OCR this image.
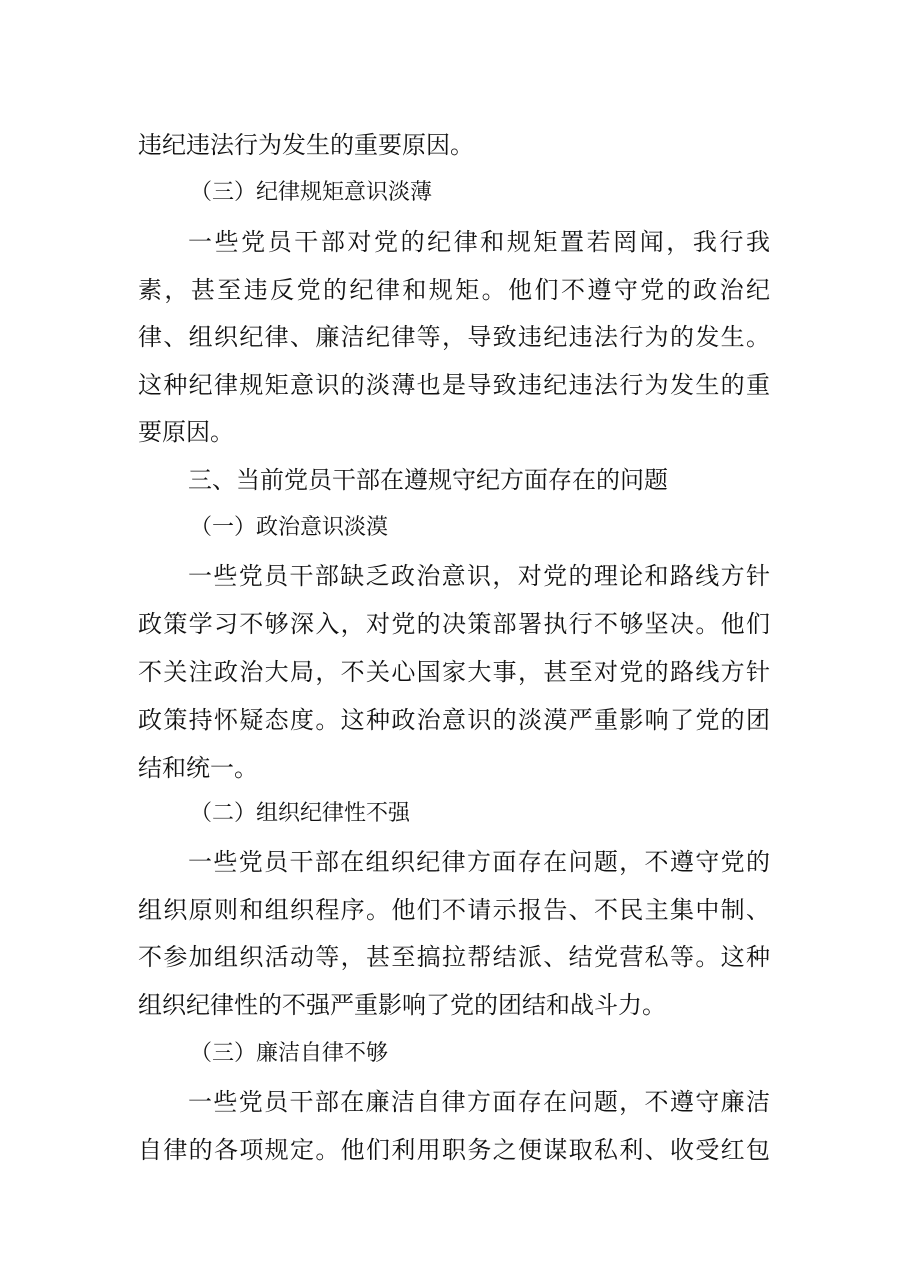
违纪违法行为发生的重要原因。
（三）纪律规矩意识淡薄
一些党员干部对党的纪律和规矩置若罔闻，我行我
素，甚至违反党的纪律和规矩。他们不遵守党的政治纪
律、组织纪律、廉洁纪律等，导致违纪违法行为的发生。
这种纪律规矩意识的淡薄也是导致违纪违法行为发生的重
要原因。
三、当前党员干部在遵规守纪方面存在的问题
（一）政治意识淡漠
一些党员干部缺乏政治意识，对党的理论和路线方针
政策学习不够深入，对党的决策部署执行不够坚决。他们
不关注政治大局，不关心国家大事，甚至对党的路线方针
政策持怀疑态度。这种政治意识的淡漠严重影响了党的团
结和统一。
（二）组织纪律性不强
一些党员干部在组织纪律方面存在问题，不遵守党的
组织原则和组织程序。他们不请示报告、不民主集中制、
不参加组织活动等，甚至搞拉帮结派、结党营私等。这种
组织纪律性的不强严重影响了党的团结和战斗力。
（三）廉洁自律不够
一些党员干部在廉洁自律方面存在问题，不遵守廉洁
自律的各项规定。他们利用职务之便谋取私利、收受红包
